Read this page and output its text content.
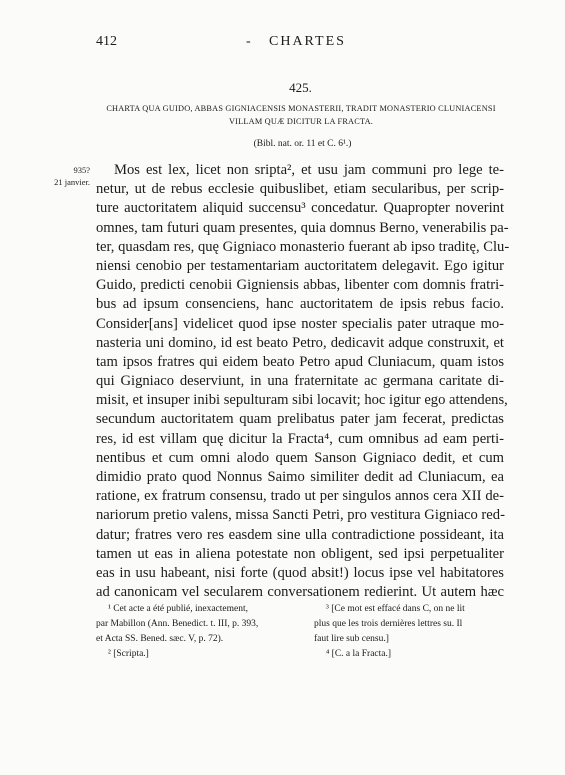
412	- CHARTES
425.
CHARTA QUA GUIDO, ABBAS GIGNIACENSIS MONASTERII, TRADIT MONASTERIO CLUNIACENSI
VILLAM QUÆ DICITUR LA FRACTA.
(Bibl. nat. or. 11 et C. 6¹.)
935?
21 janvier.
Mos est lex, licet non sripta², et usu jam communi pro lege te-
netur, ut de rebus ecclesie quibuslibet, etiam secularibus, per scrip-
ture auctoritatem aliquid succensu³ concedatur. Quapropter noverint
omnes, tam futuri quam presentes, quia domnus Berno, venerabilis pa-
ter, quasdam res, quę Gigniaco monasterio fuerant ab ipso traditę, Clu-
niensi cenobio per testamentariam auctoritatem delegavit. Ego igitur
Guido, predicti cenobii Gigniensis abbas, libenter com domnis fratri-
bus ad ipsum consenciens, hanc auctoritatem de ipsis rebus facio.
Consider[ans] videlicet quod ipse noster specialis pater utraque mo-
nasteria uni domino, id est beato Petro, dedicavit adque construxit, et
tam ipsos fratres qui eidem beato Petro apud Cluniacum, quam istos
qui Gigniaco deserviunt, in una fraternitate ac germana caritate di-
misit, et insuper inibi sepulturam sibi locavit; hoc igitur ego attendens,
secundum auctoritatem quam prelibatus pater jam fecerat, predictas
res, id est villam quę dicitur la Fracta⁴, cum omnibus ad eam perti-
nentibus et cum omni alodo quem Sanson Gigniaco dedit, et cum
dimidio prato quod Nonnus Saimo similiter dedit ad Cluniacum, ea
ratione, ex fratrum consensu, trado ut per singulos annos cera XII de-
nariorum pretio valens, missa Sancti Petri, pro vestitura Gigniaco red-
datur; fratres vero res easdem sine ulla contradictione possideant, ita
tamen ut eas in aliena potestate non obligent, sed ipsi perpetualiter
eas in usu habeant, nisi forte (quod absit!) locus ipse vel habitatores
ad canonicam vel secularem conversationem redierint. Ut autem hæc
¹ Cet acte a été publié, inexactement,
par Mabillon (Ann. Benedict. t. III, p. 393,
et Acta SS. Bened. sæc. V, p. 72).
² [Scripta.]
³ [Ce mot est effacé dans C, on ne lit
plus que les trois dernières lettres su. Il
faut lire sub censu.]
⁴ [C. a la Fracta.]
